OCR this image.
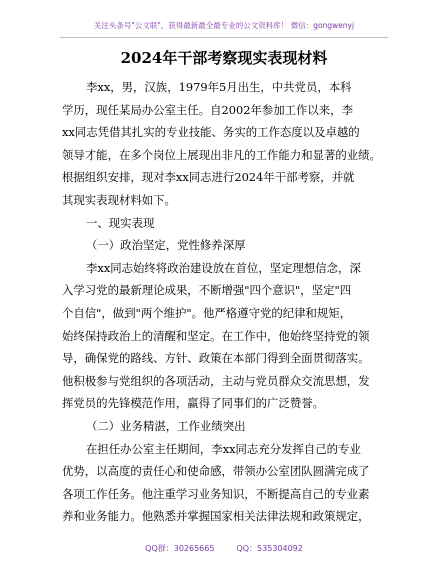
关注头条号"公文联"，获得最新最全最专业的公文资料库！ 微信：gongwenyj
2024年干部考察现实表现材料
李xx，男，汉族，1979年5月出生，中共党员，本科
学历，现任某局办公室主任。自2002年参加工作以来，李
xx同志凭借其扎实的专业技能、务实的工作态度以及卓越的
领导才能，在多个岗位上展现出非凡的工作能力和显著的业绩。
根据组织安排，现对李xx同志进行2024年干部考察，并就
其现实表现材料如下。
一、现实表现
（一）政治坚定，党性修养深厚
李xx同志始终将政治建设放在首位，坚定理想信念，深
入学习党的最新理论成果，不断增强"四个意识"，坚定"四
个自信"，做到"两个维护"。他严格遵守党的纪律和规矩，
始终保持政治上的清醒和坚定。在工作中，他始终坚持党的领
导，确保党的路线、方针、政策在本部门得到全面贯彻落实。
他积极参与党组织的各项活动，主动与党员群众交流思想，发
挥党员的先锋模范作用，赢得了同事们的广泛赞誉。
（二）业务精湛，工作业绩突出
在担任办公室主任期间，李xx同志充分发挥自己的专业
优势，以高度的责任心和使命感，带领办公室团队圆满完成了
各项工作任务。他注重学习业务知识，不断提高自己的专业素
养和业务能力。他熟悉并掌握国家相关法律法规和政策规定，
QQ群：30265665	QQ：535304092
